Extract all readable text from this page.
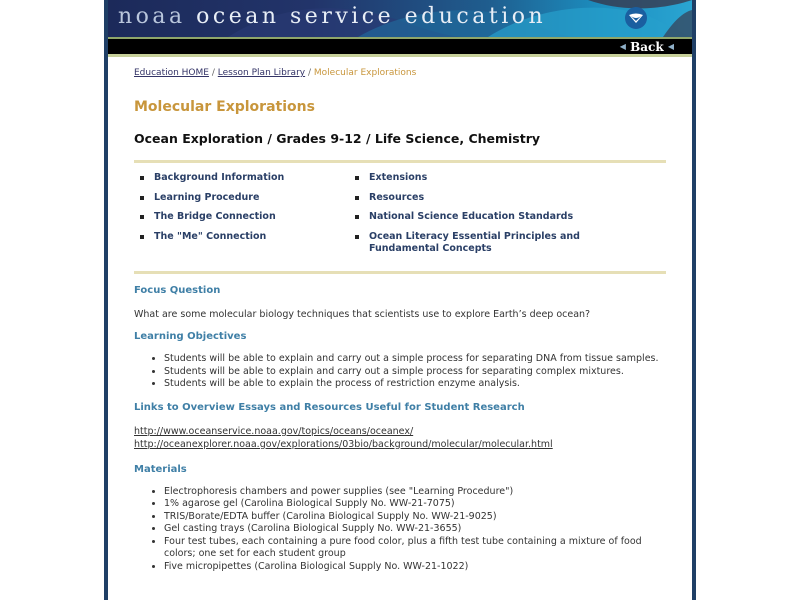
noaa ocean service education
◀ Back ◀
Education HOME / Lesson Plan Library / Molecular Explorations
Molecular Explorations
Ocean Exploration / Grades 9-12 / Life Science, Chemistry
Background Information
Learning Procedure
The Bridge Connection
The "Me" Connection
Extensions
Resources
National Science Education Standards
Ocean Literacy Essential Principles and Fundamental Concepts
Focus Question

What are some molecular biology techniques that scientists use to explore Earth’s deep ocean?

Learning Objectives
• Students will be able to explain and carry out a simple process for separating DNA from tissue samples.
• Students will be able to explain and carry out a simple process for separating complex mixtures.
• Students will be able to explain the process of restriction enzyme analysis.
Links to Overview Essays and Resources Useful for Student Research
http://www.oceanservice.noaa.gov/topics/oceans/oceanex/
http://oceanexplorer.noaa.gov/explorations/03bio/background/molecular/molecular.html
Materials
• Electrophoresis chambers and power supplies (see "Learning Procedure")
• 1% agarose gel (Carolina Biological Supply No. WW-21-7075)
• TRIS/Borate/EDTA buffer (Carolina Biological Supply No. WW-21-9025)
• Gel casting trays (Carolina Biological Supply No. WW-21-3655)
• Four test tubes, each containing a pure food color, plus a fifth test tube containing a mixture of food colors; one set for each student group
• Five micropipettes (Carolina Biological Supply No. WW-21-1022)
